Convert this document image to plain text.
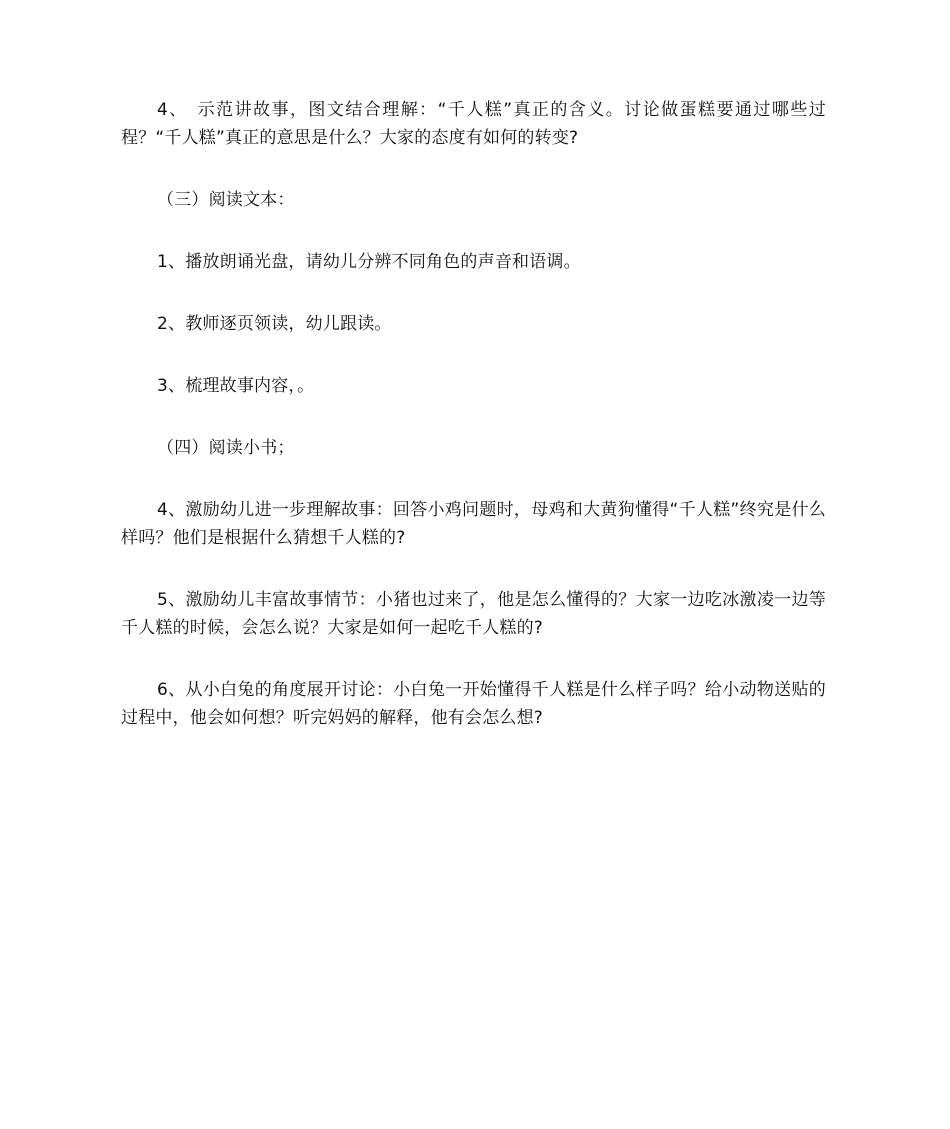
4、　示范讲故事，图文结合理解：“千人糕”真正的含义。讨论做蛋糕要通过哪些过程？“千人糕”真正的意思是什么？大家的态度有如何的转变?

（三）阅读文本：

1、播放朗诵光盘，请幼儿分辨不同角色的声音和语调。

2、教师逐页领读，幼儿跟读。

3、梳理故事内容，。

（四）阅读小书；

4、激励幼儿进一步理解故事：回答小鸡问题时，母鸡和大黄狗懂得“千人糕”终究是什么样吗？他们是根据什么猜想千人糕的?

5、激励幼儿丰富故事情节：小猪也过来了，他是怎么懂得的？大家一边吃冰激凌一边等千人糕的时候，会怎么说？大家是如何一起吃千人糕的?

6、从小白兔的角度展开讨论：小白兔一开始懂得千人糕是什么样子吗？给小动物送贴的过程中，他会如何想？听完妈妈的解释，他有会怎么想?
